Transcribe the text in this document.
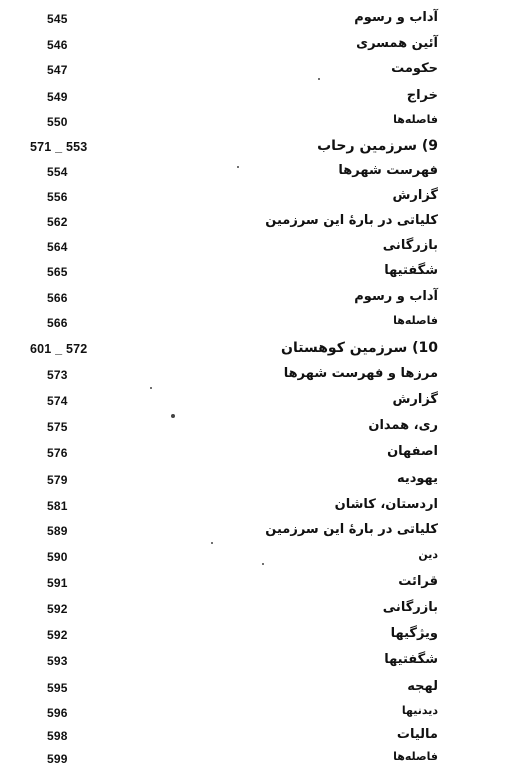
545	آداب و رسوم
546	آئین همسری
547	حکومت
549	خراج
550	فاصله‌ها
571 _ 553	9) سرزمین رحاب
554	فهرست شهرها
556	گزارش
562	کلیاتی در بارهٔ این سرزمین
564	بازرگانی
565	شگفتیها
566	آداب و رسوم
566	فاصله‌ها
601 _ 572	10) سرزمین کوهستان
573	مرزها و فهرست شهرها
574	گزارش
575	ری، همدان
576	اصفهان
579	یهودیه
581	اردستان، کاشان
589	کلیاتی در بارهٔ این سرزمین
590	دین
591	قرائت
592	بازرگانی
592	ویژگیها
593	شگفتیها
595	لهجه
596	دیدنیها
598	مالیات
599	فاصله‌ها
